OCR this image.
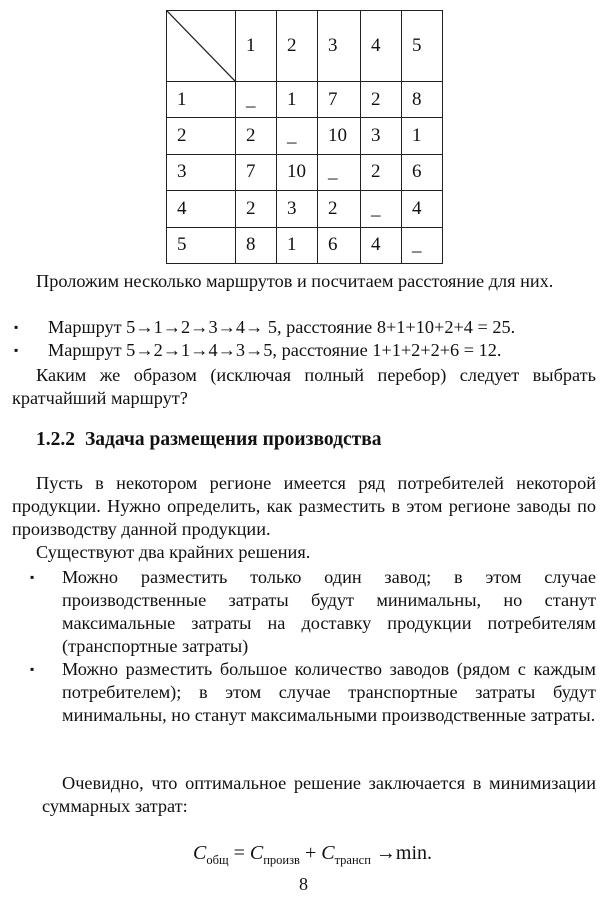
	1	2	3	4	5
1	_	1	7	2	8
2	2	_	10	3	1
3	7	10	_	2	6
4	2	3	2	_	4
5	8	1	6	4	_

Проложим несколько маршрутов и посчитаем расстояние для них.

▪ Маршрут 5→1→2→3→4→ 5, расстояние 8+1+10+2+4 = 25.
▪ Маршрут 5→2→1→4→3→5, расстояние 1+1+2+2+6 = 12.

Каким же образом (исключая полный перебор) следует выбрать кратчайший маршрут?

1.2.2 Задача размещения производства

Пусть в некотором регионе имеется ряд потребителей некоторой продукции. Нужно определить, как разместить в этом регионе заводы по производству данной продукции.

Существуют два крайних решения.

▪ Можно разместить только один завод; в этом случае производственные затраты будут минимальны, но станут максимальные затраты на доставку продукции потребителям (транспортные затраты)

▪ Можно разместить большое количество заводов (рядом с каждым потребителем); в этом случае транспортные затраты будут минимальны, но станут максимальными производственные затраты.

Очевидно, что оптимальное решение заключается в минимизации суммарных затрат:

$C_{общ} = C_{произв} + C_{трансп} \to\min$.
8
